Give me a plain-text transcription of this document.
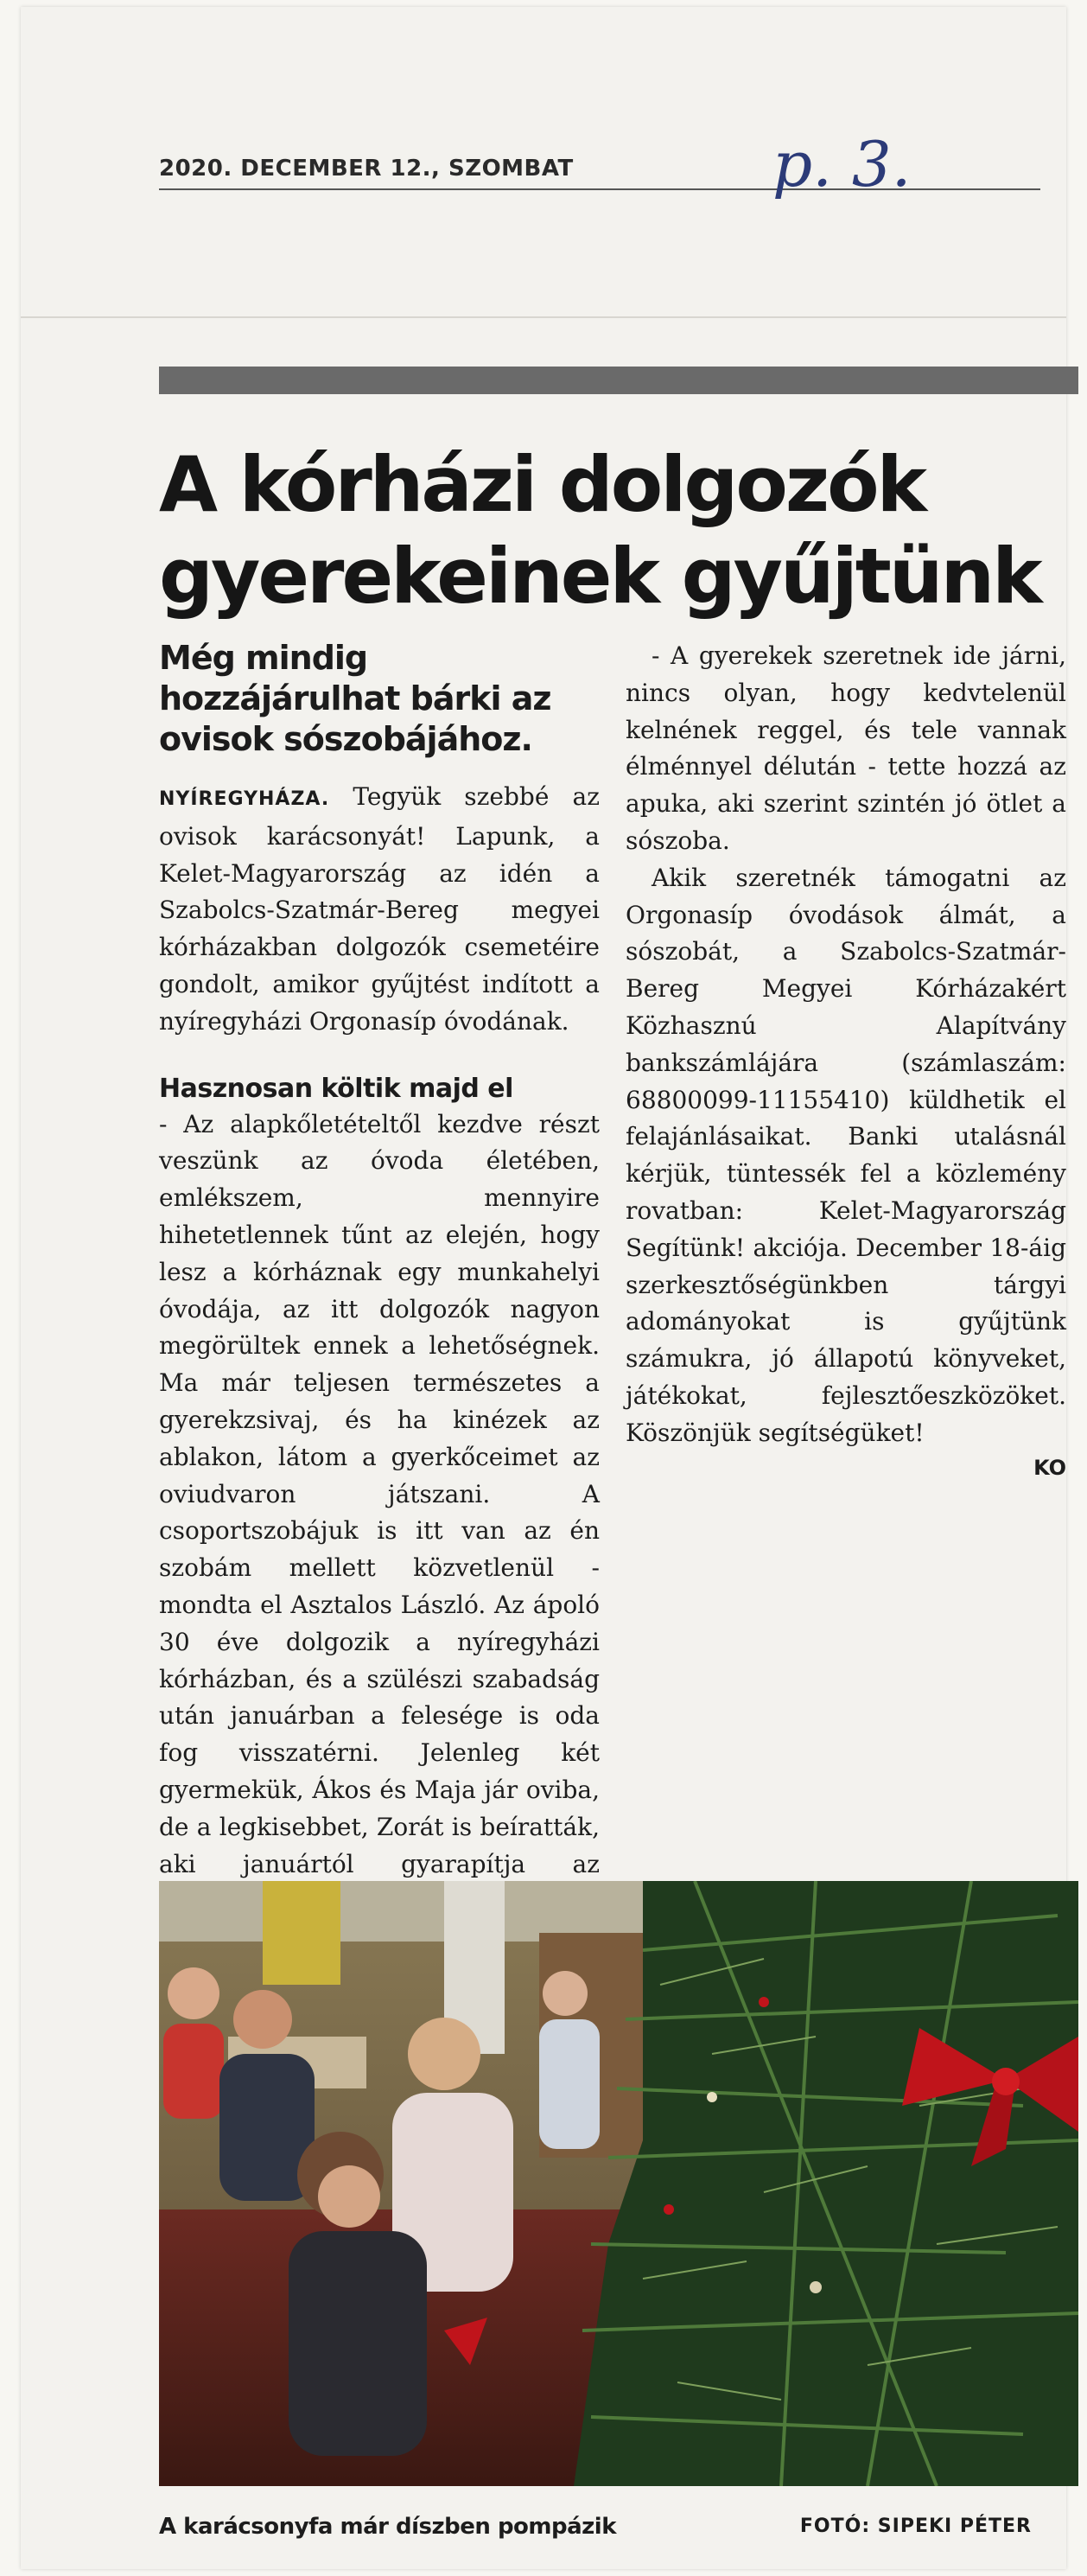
2020. DECEMBER 12., SZOMBAT	p. 3.
A kórházi dolgozók gyerekeinek gyűjtünk
Még mindig hozzájárulhat bárki az ovisok sószobájához.
NYÍREGYHÁZA. Tegyük szebbé az ovisok karácsonyát! Lapunk, a Kelet-Magyarország az idén a Szabolcs-Szatmár-Bereg megyei kórházakban dolgozók csemetéire gondolt, amikor gyűjtést indított a nyíregyházi Orgonasíp óvodának.
Hasznosan költik majd el
- Az alapkőletételtől kezdve részt veszünk az óvoda életében, emlékszem, mennyire hihetetlennek tűnt az elején, hogy lesz a kórháznak egy munkahelyi óvodája, az itt dolgozók nagyon megörültek ennek a lehetőségnek. Ma már teljesen természetes a gyerekzsivaj, és ha kinézek az ablakon, látom a gyerkőceimet az oviudvaron játszani. A csoportszobájuk is itt van az én szobám mellett közvetlenül - mondta el Asztalos László. Az ápoló 30 éve dolgozik a nyíregyházi kórházban, és a szülészi szabadság után januárban a felesége is oda fog visszatérni. Jelenleg két gyermekük, Ákos és Maja jár oviba, de a legkisebbet, Zorát is beíratták, aki januártól gyarapítja az

- A gyerekek szeretnek ide járni, nincs olyan, hogy kedvtelenül kelnének reggel, és tele vannak élménnyel délután - tette hozzá az apuka, aki szerint szintén jó ötlet a sószoba.

Akik szeretnék támogatni az Orgonasíp óvodások álmát, a sószobát, a Szabolcs-Szatmár-Bereg Megyei Kórházakért Közhasznú Alapítvány bankszámlájára (számlaszám: 68800099-11155410) küldhetik el felajánlásaikat. Banki utalásnál kérjük, tüntessék fel a közlemény rovatban: Kelet-Magyarország Segítünk! akciója. December 18-áig szerkesztőségünkben tárgyi adományokat is gyűjtünk számukra, jó állapotú könyveket, játékokat, fejlesztőeszközöket. Köszönjük segítségüket!

KO
A karácsonyfa már díszben pompázik	FOTÓ: SIPEKI PÉTER
